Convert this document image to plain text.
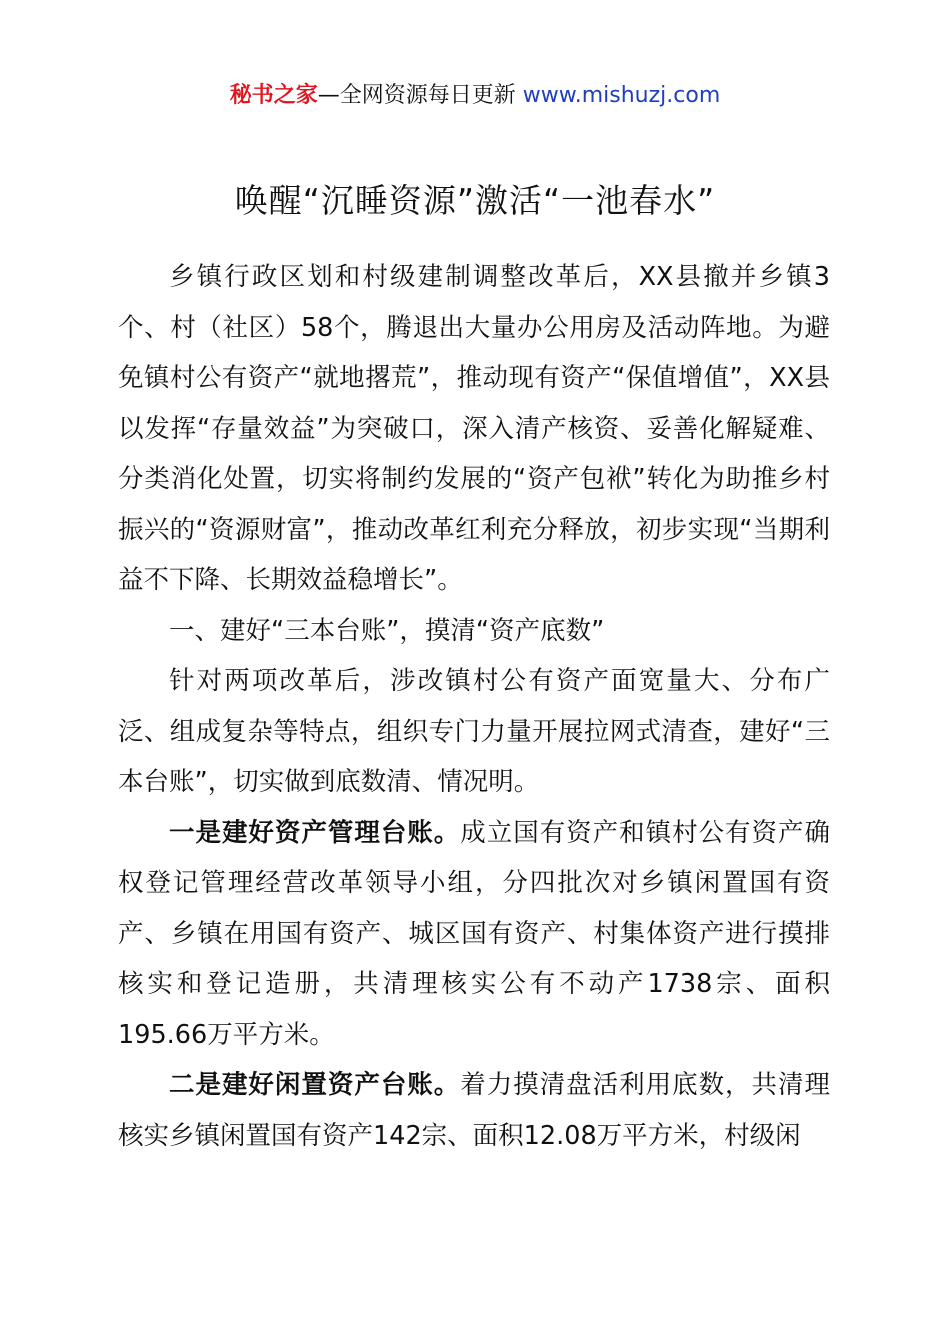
秘书之家—全网资源每日更新 www.mishuzj.com
唤醒“沉睡资源”激活“一池春水”

乡镇行政区划和村级建制调整改革后，XX县撤并乡镇3个、村（社区）58个，腾退出大量办公用房及活动阵地。为避免镇村公有资产“就地撂荒”，推动现有资产“保值增值”，XX县以发挥“存量效益”为突破口，深入清产核资、妥善化解疑难、分类消化处置，切实将制约发展的“资产包袱”转化为助推乡村振兴的“资源财富”，推动改革红利充分释放，初步实现“当期利益不下降、长期效益稳增长”。

一、建好“三本台账”，摸清“资产底数”

针对两项改革后，涉改镇村公有资产面宽量大、分布广泛、组成复杂等特点，组织专门力量开展拉网式清查，建好“三本台账”，切实做到底数清、情况明。

一是建好资产管理台账。成立国有资产和镇村公有资产确权登记管理经营改革领导小组，分四批次对乡镇闲置国有资产、乡镇在用国有资产、城区国有资产、村集体资产进行摸排核实和登记造册，共清理核实公有不动产1738宗、面积195.66万平方米。

二是建好闲置资产台账。着力摸清盘活利用底数，共清理核实乡镇闲置国有资产142宗、面积12.08万平方米，村级闲
